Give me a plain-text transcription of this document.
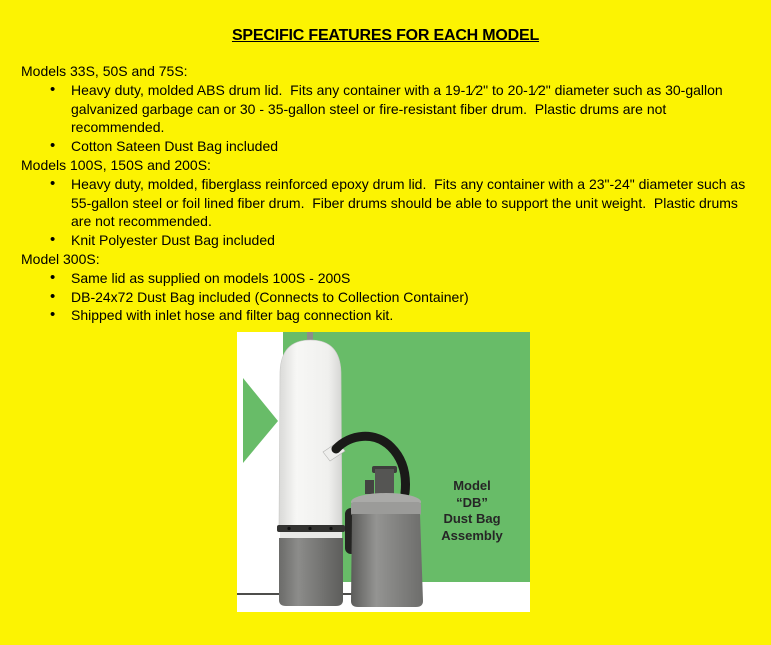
SPECIFIC FEATURES FOR EACH MODEL
Models 33S, 50S and 75S:
• Heavy duty, molded ABS drum lid.  Fits any container with a 19-1⁄2" to 20-1⁄2" diameter such as 30-gallon galvanized garbage can or 30 - 35-gallon steel or fire-resistant fiber drum.  Plastic drums are not recommended.
• Cotton Sateen Dust Bag included
Models 100S, 150S and 200S:
• Heavy duty, molded, fiberglass reinforced epoxy drum lid.  Fits any container with a 23"-24" diameter such as 55-gallon steel or foil lined fiber drum.  Fiber drums should be able to support the unit weight.  Plastic drums are not recommended.
• Knit Polyester Dust Bag included
Model 300S:
• Same lid as supplied on models 100S - 200S
• DB-24x72 Dust Bag included (Connects to Collection Container)
• Shipped with inlet hose and filter bag connection kit.
Model
“DB”
Dust Bag
Assembly
